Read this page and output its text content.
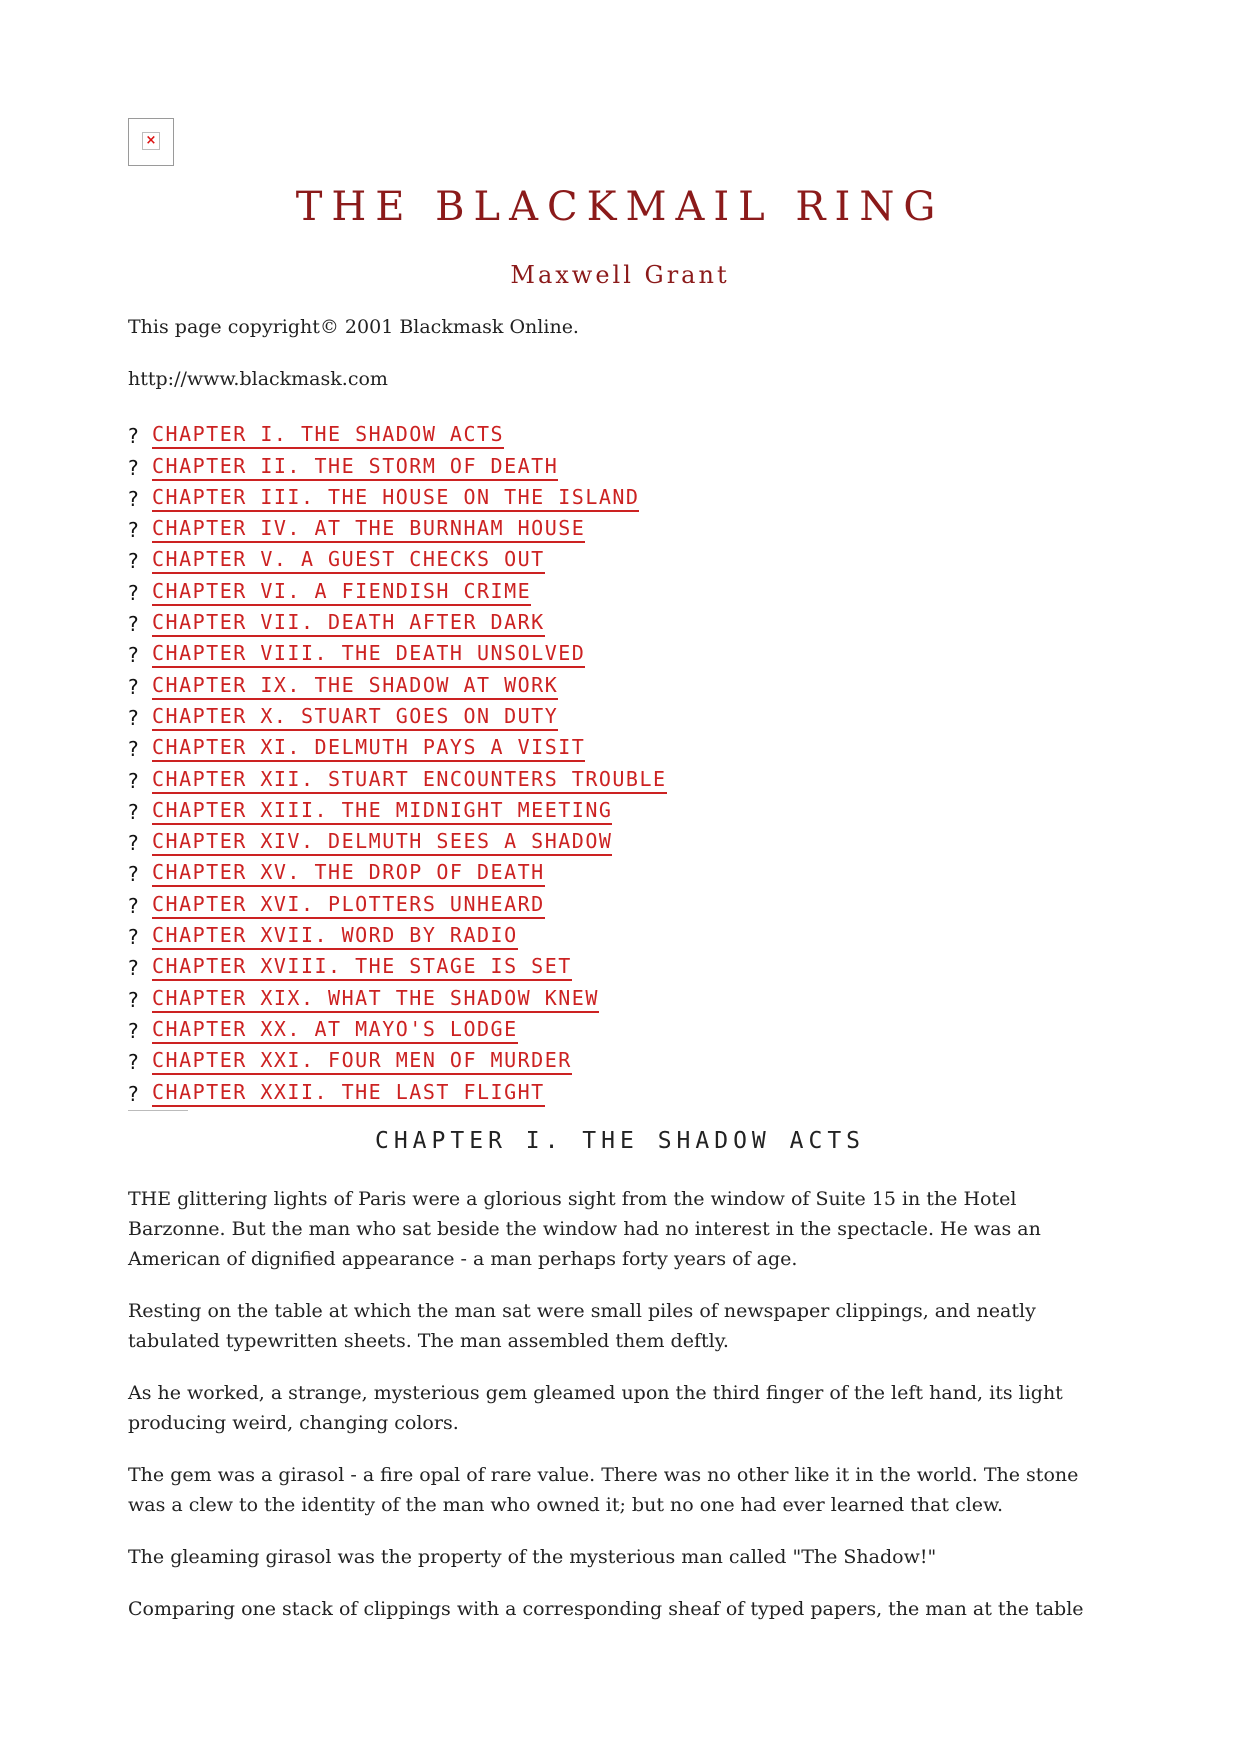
×
THE BLACKMAIL RING
Maxwell Grant
This page copyright© 2001 Blackmask Online.
http://www.blackmask.com
? CHAPTER I. THE SHADOW ACTS
? CHAPTER II. THE STORM OF DEATH
? CHAPTER III. THE HOUSE ON THE ISLAND
? CHAPTER IV. AT THE BURNHAM HOUSE
? CHAPTER V. A GUEST CHECKS OUT
? CHAPTER VI. A FIENDISH CRIME
? CHAPTER VII. DEATH AFTER DARK
? CHAPTER VIII. THE DEATH UNSOLVED
? CHAPTER IX. THE SHADOW AT WORK
? CHAPTER X. STUART GOES ON DUTY
? CHAPTER XI. DELMUTH PAYS A VISIT
? CHAPTER XII. STUART ENCOUNTERS TROUBLE
? CHAPTER XIII. THE MIDNIGHT MEETING
? CHAPTER XIV. DELMUTH SEES A SHADOW
? CHAPTER XV. THE DROP OF DEATH
? CHAPTER XVI. PLOTTERS UNHEARD
? CHAPTER XVII. WORD BY RADIO
? CHAPTER XVIII. THE STAGE IS SET
? CHAPTER XIX. WHAT THE SHADOW KNEW
? CHAPTER XX. AT MAYO'S LODGE
? CHAPTER XXI. FOUR MEN OF MURDER
? CHAPTER XXII. THE LAST FLIGHT
CHAPTER I. THE SHADOW ACTS

THE glittering lights of Paris were a glorious sight from the window of Suite 15 in the Hotel Barzonne. But the man who sat beside the window had no interest in the spectacle. He was an American of dignified appearance - a man perhaps forty years of age.

Resting on the table at which the man sat were small piles of newspaper clippings, and neatly tabulated typewritten sheets. The man assembled them deftly.

As he worked, a strange, mysterious gem gleamed upon the third finger of the left hand, its light producing weird, changing colors.

The gem was a girasol - a fire opal of rare value. There was no other like it in the world. The stone was a clew to the identity of the man who owned it; but no one had ever learned that clew.

The gleaming girasol was the property of the mysterious man called "The Shadow!"

Comparing one stack of clippings with a corresponding sheaf of typed papers, the man at the table
